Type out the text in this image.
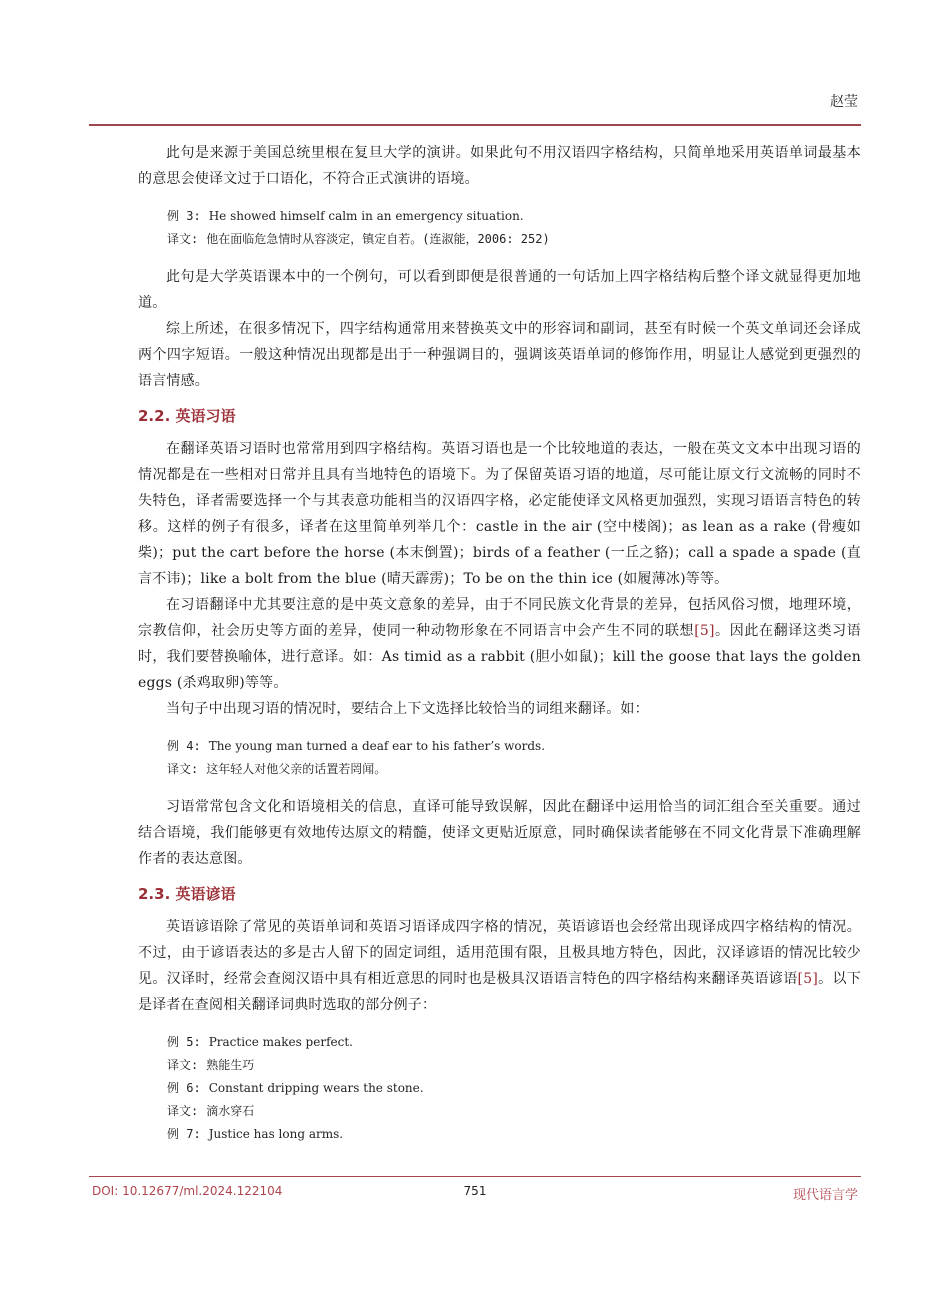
赵莹

此句是来源于美国总统里根在复旦大学的演讲。如果此句不用汉语四字格结构，只简单地采用英语单词最基本的意思会使译文过于口语化，不符合正式演讲的语境。

例 3: He showed himself calm in an emergency situation.
译文: 他在面临危急情时从容淡定，镇定自若。(连淑能，2006: 252)

此句是大学英语课本中的一个例句，可以看到即便是很普通的一句话加上四字格结构后整个译文就显得更加地道。

综上所述，在很多情况下，四字结构通常用来替换英文中的形容词和副词，甚至有时候一个英文单词还会译成两个四字短语。一般这种情况出现都是出于一种强调目的，强调该英语单词的修饰作用，明显让人感觉到更强烈的语言情感。

2.2. 英语习语

在翻译英语习语时也常常用到四字格结构。英语习语也是一个比较地道的表达，一般在英文文本中出现习语的情况都是在一些相对日常并且具有当地特色的语境下。为了保留英语习语的地道，尽可能让原文行文流畅的同时不失特色，译者需要选择一个与其表意功能相当的汉语四字格，必定能使译文风格更加强烈，实现习语语言特色的转移。这样的例子有很多，译者在这里简单列举几个：castle in the air (空中楼阁)；as lean as a rake (骨瘦如柴)；put the cart before the horse (本末倒置)；birds of a feather (一丘之貉)；call a spade a spade (直言不讳)；like a bolt from the blue (晴天霹雳)；To be on the thin ice (如履薄冰)等等。

在习语翻译中尤其要注意的是中英文意象的差异，由于不同民族文化背景的差异，包括风俗习惯，地理环境，宗教信仰，社会历史等方面的差异，使同一种动物形象在不同语言中会产生不同的联想[5]。因此在翻译这类习语时，我们要替换喻体，进行意译。如：As timid as a rabbit (胆小如鼠)；kill the goose that lays the golden eggs (杀鸡取卵)等等。

当句子中出现习语的情况时，要结合上下文选择比较恰当的词组来翻译。如：

例 4: The young man turned a deaf ear to his father’s words.
译文: 这年轻人对他父亲的话置若罔闻。

习语常常包含文化和语境相关的信息，直译可能导致误解，因此在翻译中运用恰当的词汇组合至关重要。通过结合语境，我们能够更有效地传达原文的精髓，使译文更贴近原意，同时确保读者能够在不同文化背景下准确理解作者的表达意图。

2.3. 英语谚语

英语谚语除了常见的英语单词和英语习语译成四字格的情况，英语谚语也会经常出现译成四字格结构的情况。不过，由于谚语表达的多是古人留下的固定词组，适用范围有限，且极具地方特色，因此，汉译谚语的情况比较少见。汉译时，经常会查阅汉语中具有相近意思的同时也是极具汉语语言特色的四字格结构来翻译英语谚语[5]。以下是译者在查阅相关翻译词典时选取的部分例子：

例 5: Practice makes perfect.
译文: 熟能生巧
例 6: Constant dripping wears the stone.
译文: 滴水穿石
例 7: Justice has long arms.
DOI: 10.12677/ml.2024.122104	751	现代语言学
